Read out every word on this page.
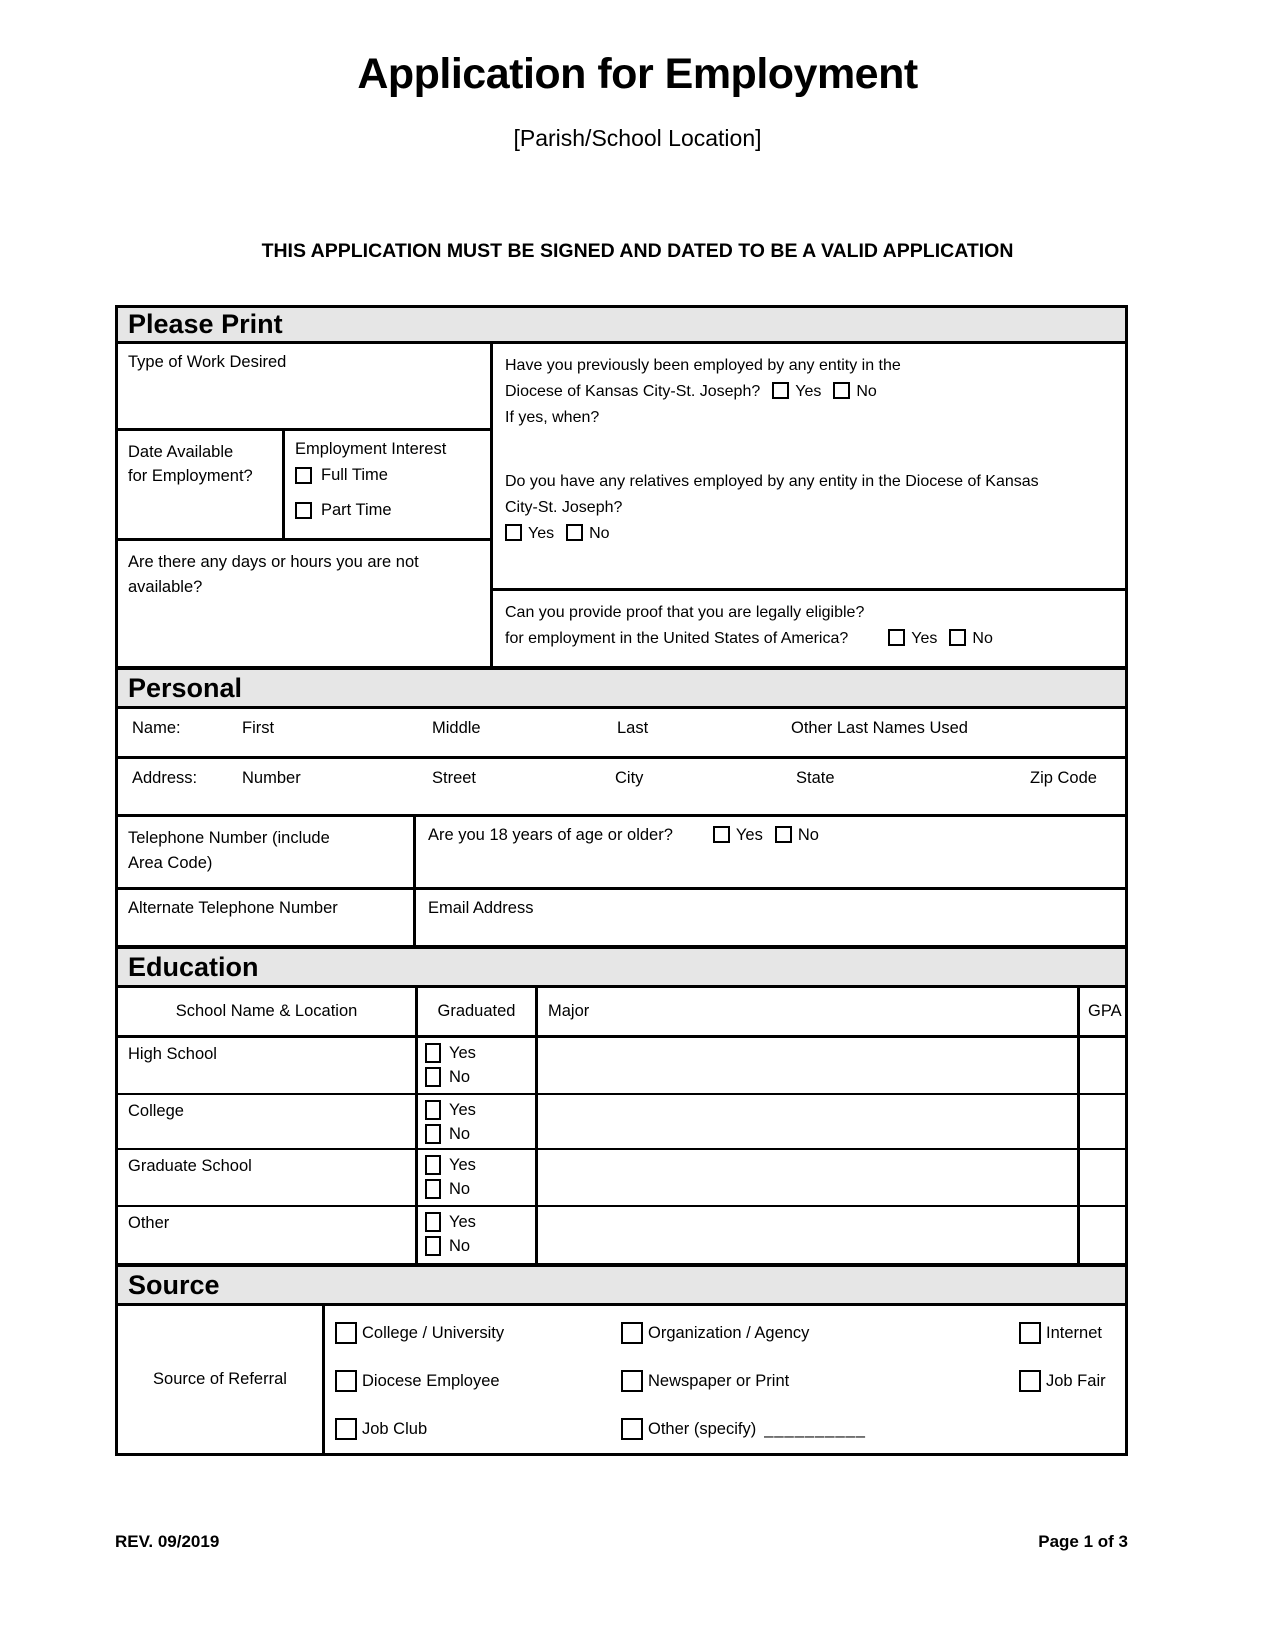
Application for Employment
[Parish/School Location]
THIS APPLICATION MUST BE SIGNED AND DATED TO BE A VALID APPLICATION
Please Print
Type of Work Desired
Date Available
for Employment?
Employment Interest
Full Time
Part Time
Are there any days or hours you are not
available?
Have you previously been employed by any entity in the
Diocese of Kansas City-St. Joseph? Yes No
If yes, when?
Do you have any relatives employed by any entity in the Diocese of Kansas
City-St. Joseph?
Yes No
Can you provide proof that you are legally eligible?
for employment in the United States of America?	Yes No
Personal
Name:	First	Middle	Last	Other Last Names Used
Address:	Number	Street	City	State	Zip Code
Telephone Number (include
Area Code)
Are you 18 years of age or older?	Yes No
Alternate Telephone Number	Email Address
Education
School Name & Location	Graduated	Major	GPA
High School	Yes
No
College	Yes
No
Graduate School	Yes
No
Other	Yes
No
Source
Source of Referral
College / University	Organization / Agency	Internet
Diocese Employee	Newspaper or Print	Job Fair
Job Club	Other (specify) __________
REV. 09/2019	Page 1 of 3
